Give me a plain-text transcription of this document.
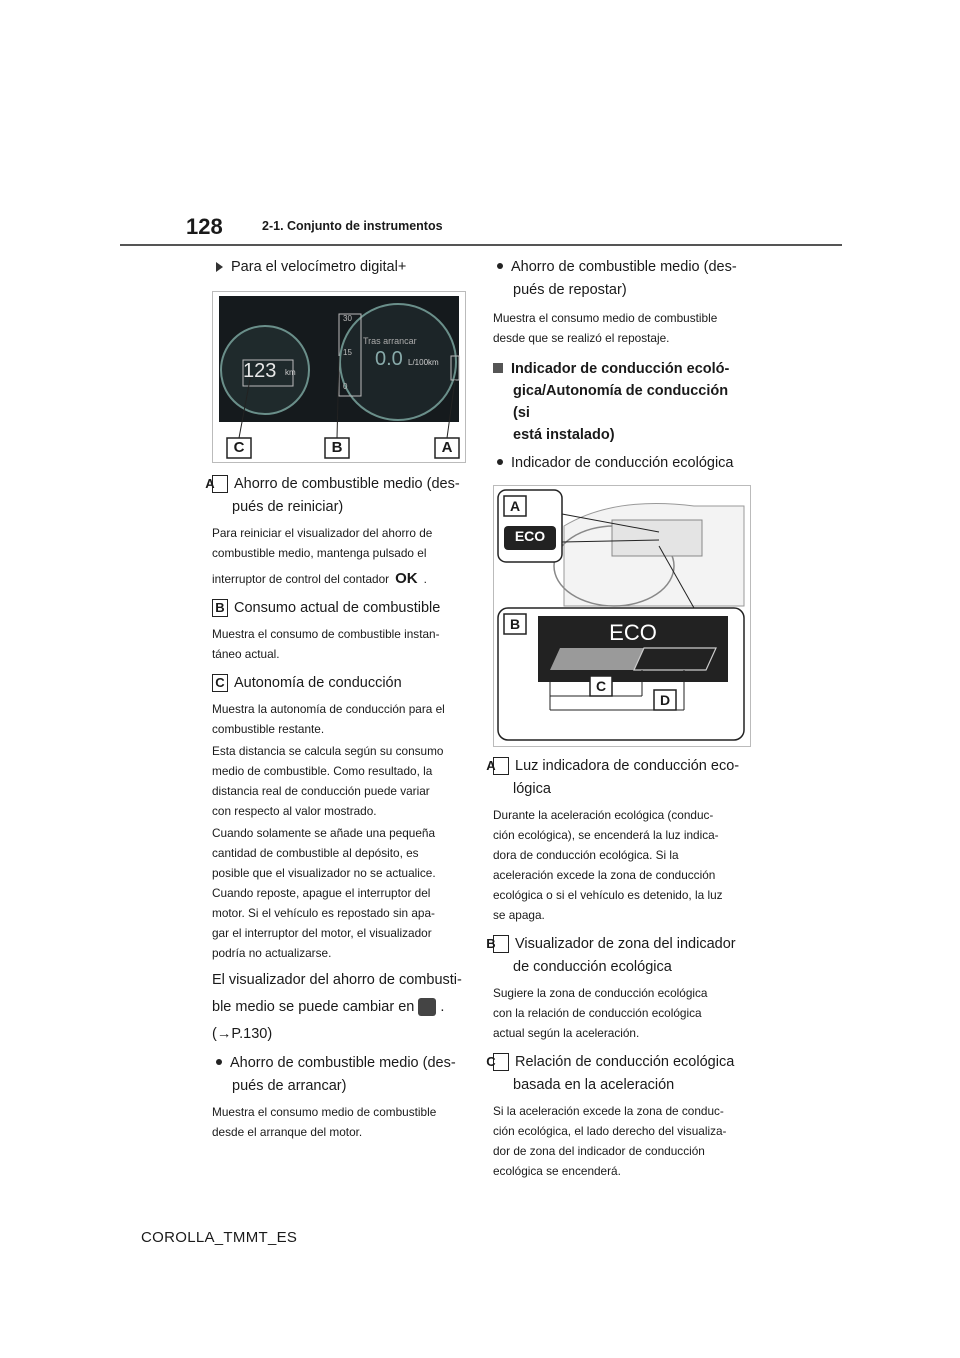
128	2-1. Conjunto de instrumentos

Para el velocímetro digital+

C	B	A
123 km
Tras arrancar
0.0 L/100km
30
15
0

A Ahorro de combustible medio (des-
pués de reiniciar)

Para reiniciar el visualizador del ahorro de

combustible medio, mantenga pulsado el

interruptor de control del contador OK .

B Consumo actual de combustible

Muestra el consumo de combustible instan-

táneo actual.

C Autonomía de conducción

Muestra la autonomía de conducción para el

combustible restante.

Esta distancia se calcula según su consumo

medio de combustible. Como resultado, la

distancia real de conducción puede variar

con respecto al valor mostrado.

Cuando solamente se añade una pequeña

cantidad de combustible al depósito, es

posible que el visualizador no se actualice.

Cuando reposte, apague el interruptor del

motor. Si el vehículo es repostado sin apa-

gar el interruptor del motor, el visualizador

podría no actualizarse.

El visualizador del ahorro de combusti-

ble medio se puede cambiar en .

(→P.130)

Ahorro de combustible medio (des-
pués de arrancar)

Muestra el consumo medio de combustible

desde el arranque del motor.

Ahorro de combustible medio (des-
pués de repostar)

Muestra el consumo medio de combustible

desde que se realizó el repostaje.

Indicador de conducción ecoló-
gica/Autonomía de conducción (si
está instalado)

Indicador de conducción ecológica

A
B
C
D
ECO
ECO

A Luz indicadora de conducción eco-
lógica

Durante la aceleración ecológica (conduc-

ción ecológica), se encenderá la luz indica-

dora de conducción ecológica. Si la

aceleración excede la zona de conducción

ecológica o si el vehículo es detenido, la luz

se apaga.

B Visualizador de zona del indicador
de conducción ecológica

Sugiere la zona de conducción ecológica

con la relación de conducción ecológica

actual según la aceleración.

C Relación de conducción ecológica
basada en la aceleración

Si la aceleración excede la zona de conduc-

ción ecológica, el lado derecho del visualiza-

dor de zona del indicador de conducción

ecológica se encenderá.

COROLLA_TMMT_ES
